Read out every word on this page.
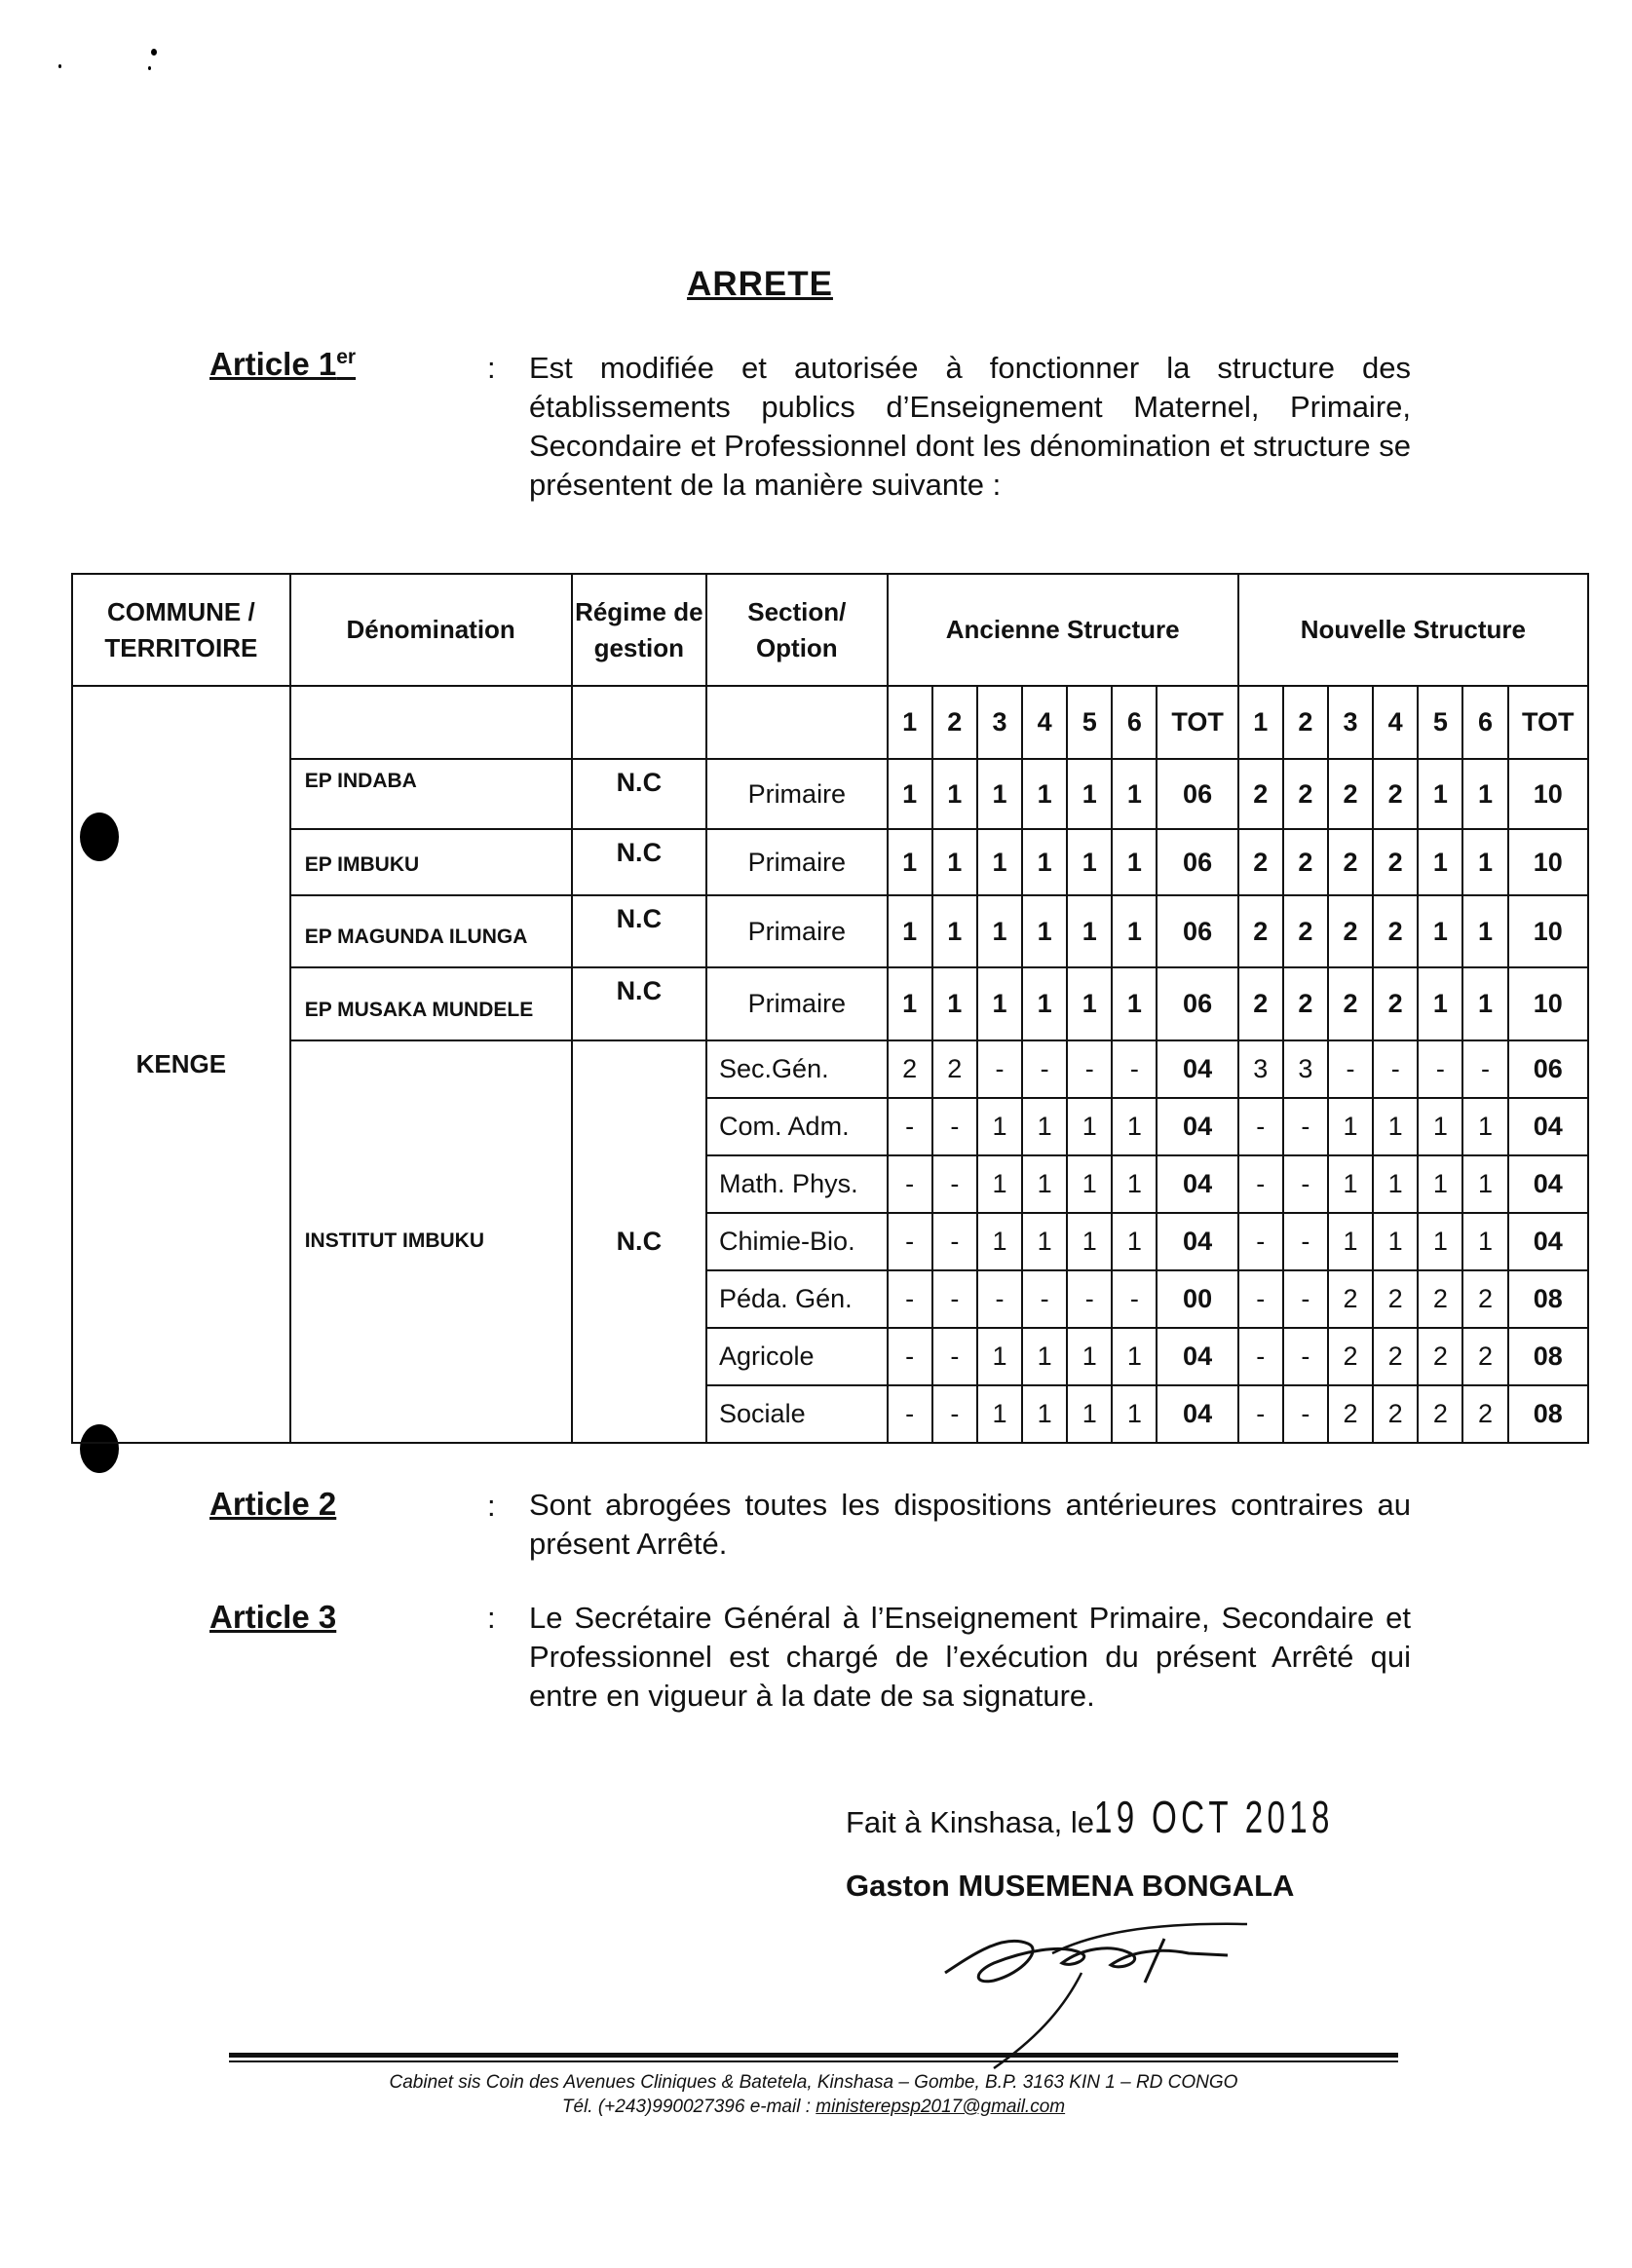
ARRETE
Article 1er	: Est modifiée et autorisée à fonctionner la structure des établissements publics d’Enseignement Maternel, Primaire, Secondaire et Professionnel dont les dénomination et structure se présentent de la manière suivante :
COMMUNE / TERRITOIRE	Dénomination	Régime de gestion	Section/ Option	Ancienne Structure							Nouvelle Structure						
KENGE				1	2	3	4	5	6	TOT	1	2	3	4	5	6	TOT
	EP INDABA	N.C	Primaire	1	1	1	1	1	1	06	2	2	2	2	1	1	10
	EP IMBUKU	N.C	Primaire	1	1	1	1	1	1	06	2	2	2	2	1	1	10
	EP MAGUNDA ILUNGA	N.C	Primaire	1	1	1	1	1	1	06	2	2	2	2	1	1	10
	EP MUSAKA MUNDELE	N.C	Primaire	1	1	1	1	1	1	06	2	2	2	2	1	1	10
	INSTITUT IMBUKU	N.C	Sec.Gén.	2	2	-	-	-	-	04	3	3	-	-	-	-	06
			Com. Adm.	-	-	1	1	1	1	04	-	-	1	1	1	1	04
			Math. Phys.	-	-	1	1	1	1	04	-	-	1	1	1	1	04
			Chimie-Bio.	-	-	1	1	1	1	04	-	-	1	1	1	1	04
			Péda. Gén.	-	-	-	-	-	-	00	-	-	2	2	2	2	08
			Agricole	-	-	1	1	1	1	04	-	-	2	2	2	2	08
			Sociale	-	-	1	1	1	1	04	-	-	2	2	2	2	08
Article 2	: Sont abrogées toutes les dispositions antérieures contraires au présent Arrêté.
Article 3	: Le Secrétaire Général à l’Enseignement Primaire, Secondaire et Professionnel est chargé de l’exécution du présent Arrêté qui entre en vigueur à la date de sa signature.
Fait à Kinshasa, le19 OCT 2018
Gaston MUSEMENA BONGALA
Cabinet sis Coin des Avenues Cliniques & Batetela, Kinshasa – Gombe, B.P. 3163 KIN 1 – RD CONGO
Tél. (+243)990027396 e-mail : ministerepsp2017@gmail.com
